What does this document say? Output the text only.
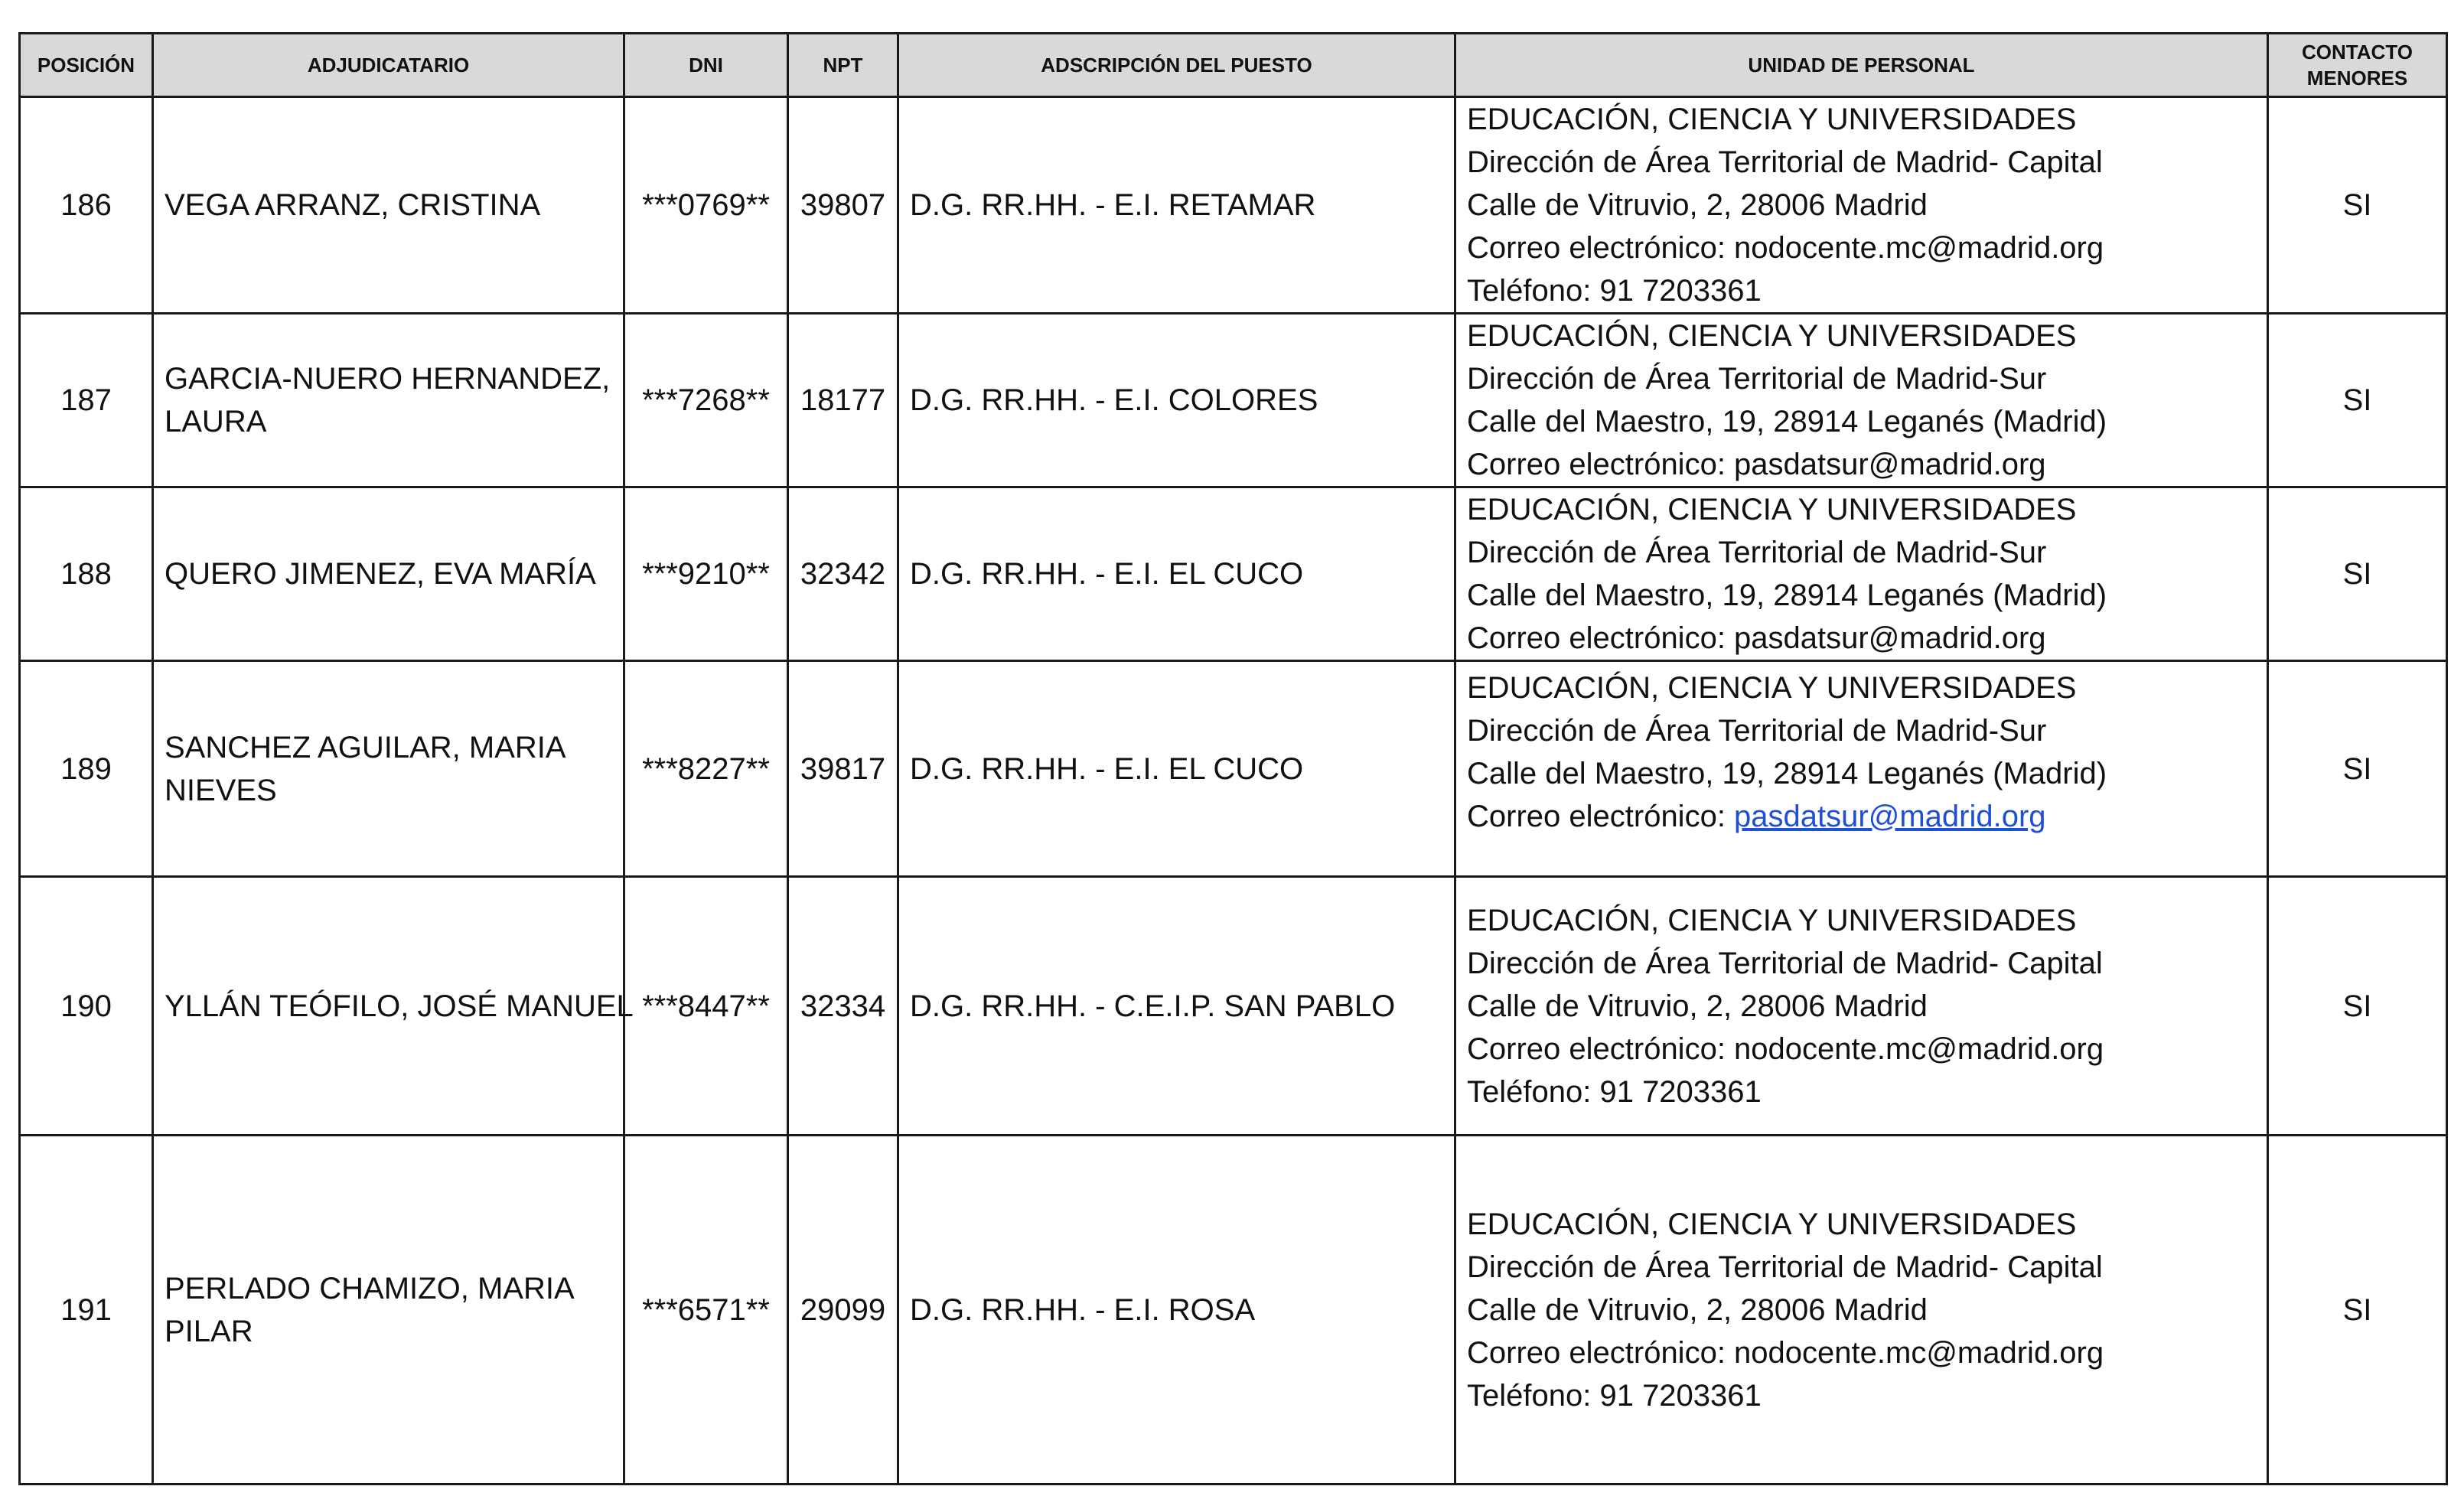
POSICIÓN	ADJUDICATARIO	DNI	NPT	ADSCRIPCIÓN DEL PUESTO	UNIDAD DE PERSONAL	CONTACTO
MENORES

186	VEGA ARRANZ, CRISTINA	***0769**	39807	D.G. RR.HH. - E.I. RETAMAR	EDUCACIÓN, CIENCIA Y UNIVERSIDADES
Dirección de Área Territorial de Madrid- Capital
Calle de Vitruvio, 2, 28006 Madrid
Correo electrónico: nodocente.mc@madrid.org
Teléfono: 91 7203361	SI
187	GARCIA-NUERO HERNANDEZ,
LAURA	***7268**	18177	D.G. RR.HH. - E.I. COLORES	EDUCACIÓN, CIENCIA Y UNIVERSIDADES
Dirección de Área Territorial de Madrid-Sur
Calle del Maestro, 19, 28914 Leganés (Madrid)
Correo electrónico: pasdatsur@madrid.org	SI
188	QUERO JIMENEZ, EVA MARÍA	***9210**	32342	D.G. RR.HH. - E.I. EL CUCO	EDUCACIÓN, CIENCIA Y UNIVERSIDADES
Dirección de Área Territorial de Madrid-Sur
Calle del Maestro, 19, 28914 Leganés (Madrid)
Correo electrónico: pasdatsur@madrid.org	SI
189	SANCHEZ AGUILAR, MARIA
NIEVES	***8227**	39817	D.G. RR.HH. - E.I. EL CUCO	EDUCACIÓN, CIENCIA Y UNIVERSIDADES
Dirección de Área Territorial de Madrid-Sur
Calle del Maestro, 19, 28914 Leganés (Madrid)
Correo electrónico: pasdatsur@madrid.org	SI
190	YLLÁN TEÓFILO, JOSÉ MANUEL	***8447**	32334	D.G. RR.HH. - C.E.I.P. SAN PABLO	EDUCACIÓN, CIENCIA Y UNIVERSIDADES
Dirección de Área Territorial de Madrid- Capital
Calle de Vitruvio, 2, 28006 Madrid
Correo electrónico: nodocente.mc@madrid.org
Teléfono: 91 7203361	SI
191	PERLADO CHAMIZO, MARIA
PILAR	***6571**	29099	D.G. RR.HH. - E.I. ROSA	EDUCACIÓN, CIENCIA Y UNIVERSIDADES
Dirección de Área Territorial de Madrid- Capital
Calle de Vitruvio, 2, 28006 Madrid
Correo electrónico: nodocente.mc@madrid.org
Teléfono: 91 7203361	SI
